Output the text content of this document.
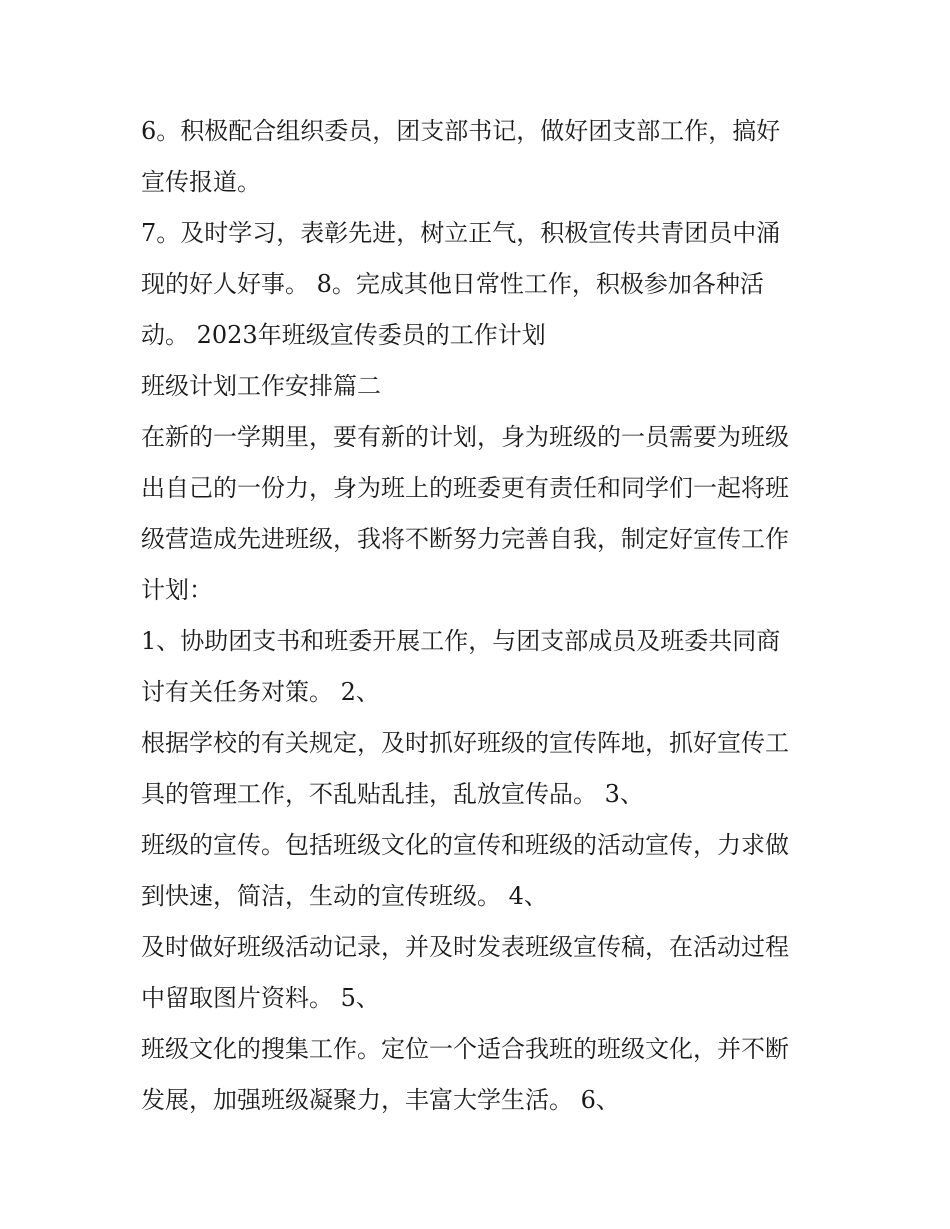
6。积极配合组织委员，团支部书记，做好团支部工作，搞好
宣传报道。
7。及时学习，表彰先进，树立正气，积极宣传共青团员中涌
现的好人好事。 8。完成其他日常性工作，积极参加各种活
动。 2023年班级宣传委员的工作计划
班级计划工作安排篇二
在新的一学期里，要有新的计划，身为班级的一员需要为班级
出自己的一份力，身为班上的班委更有责任和同学们一起将班
级营造成先进班级，我将不断努力完善自我，制定好宣传工作
计划：
1、协助团支书和班委开展工作，与团支部成员及班委共同商
讨有关任务对策。 2、
根据学校的有关规定，及时抓好班级的宣传阵地，抓好宣传工
具的管理工作，不乱贴乱挂，乱放宣传品。 3、
班级的宣传。包括班级文化的宣传和班级的活动宣传，力求做
到快速，简洁，生动的宣传班级。 4、
及时做好班级活动记录，并及时发表班级宣传稿，在活动过程
中留取图片资料。 5、
班级文化的搜集工作。定位一个适合我班的班级文化，并不断
发展，加强班级凝聚力，丰富大学生活。 6、
